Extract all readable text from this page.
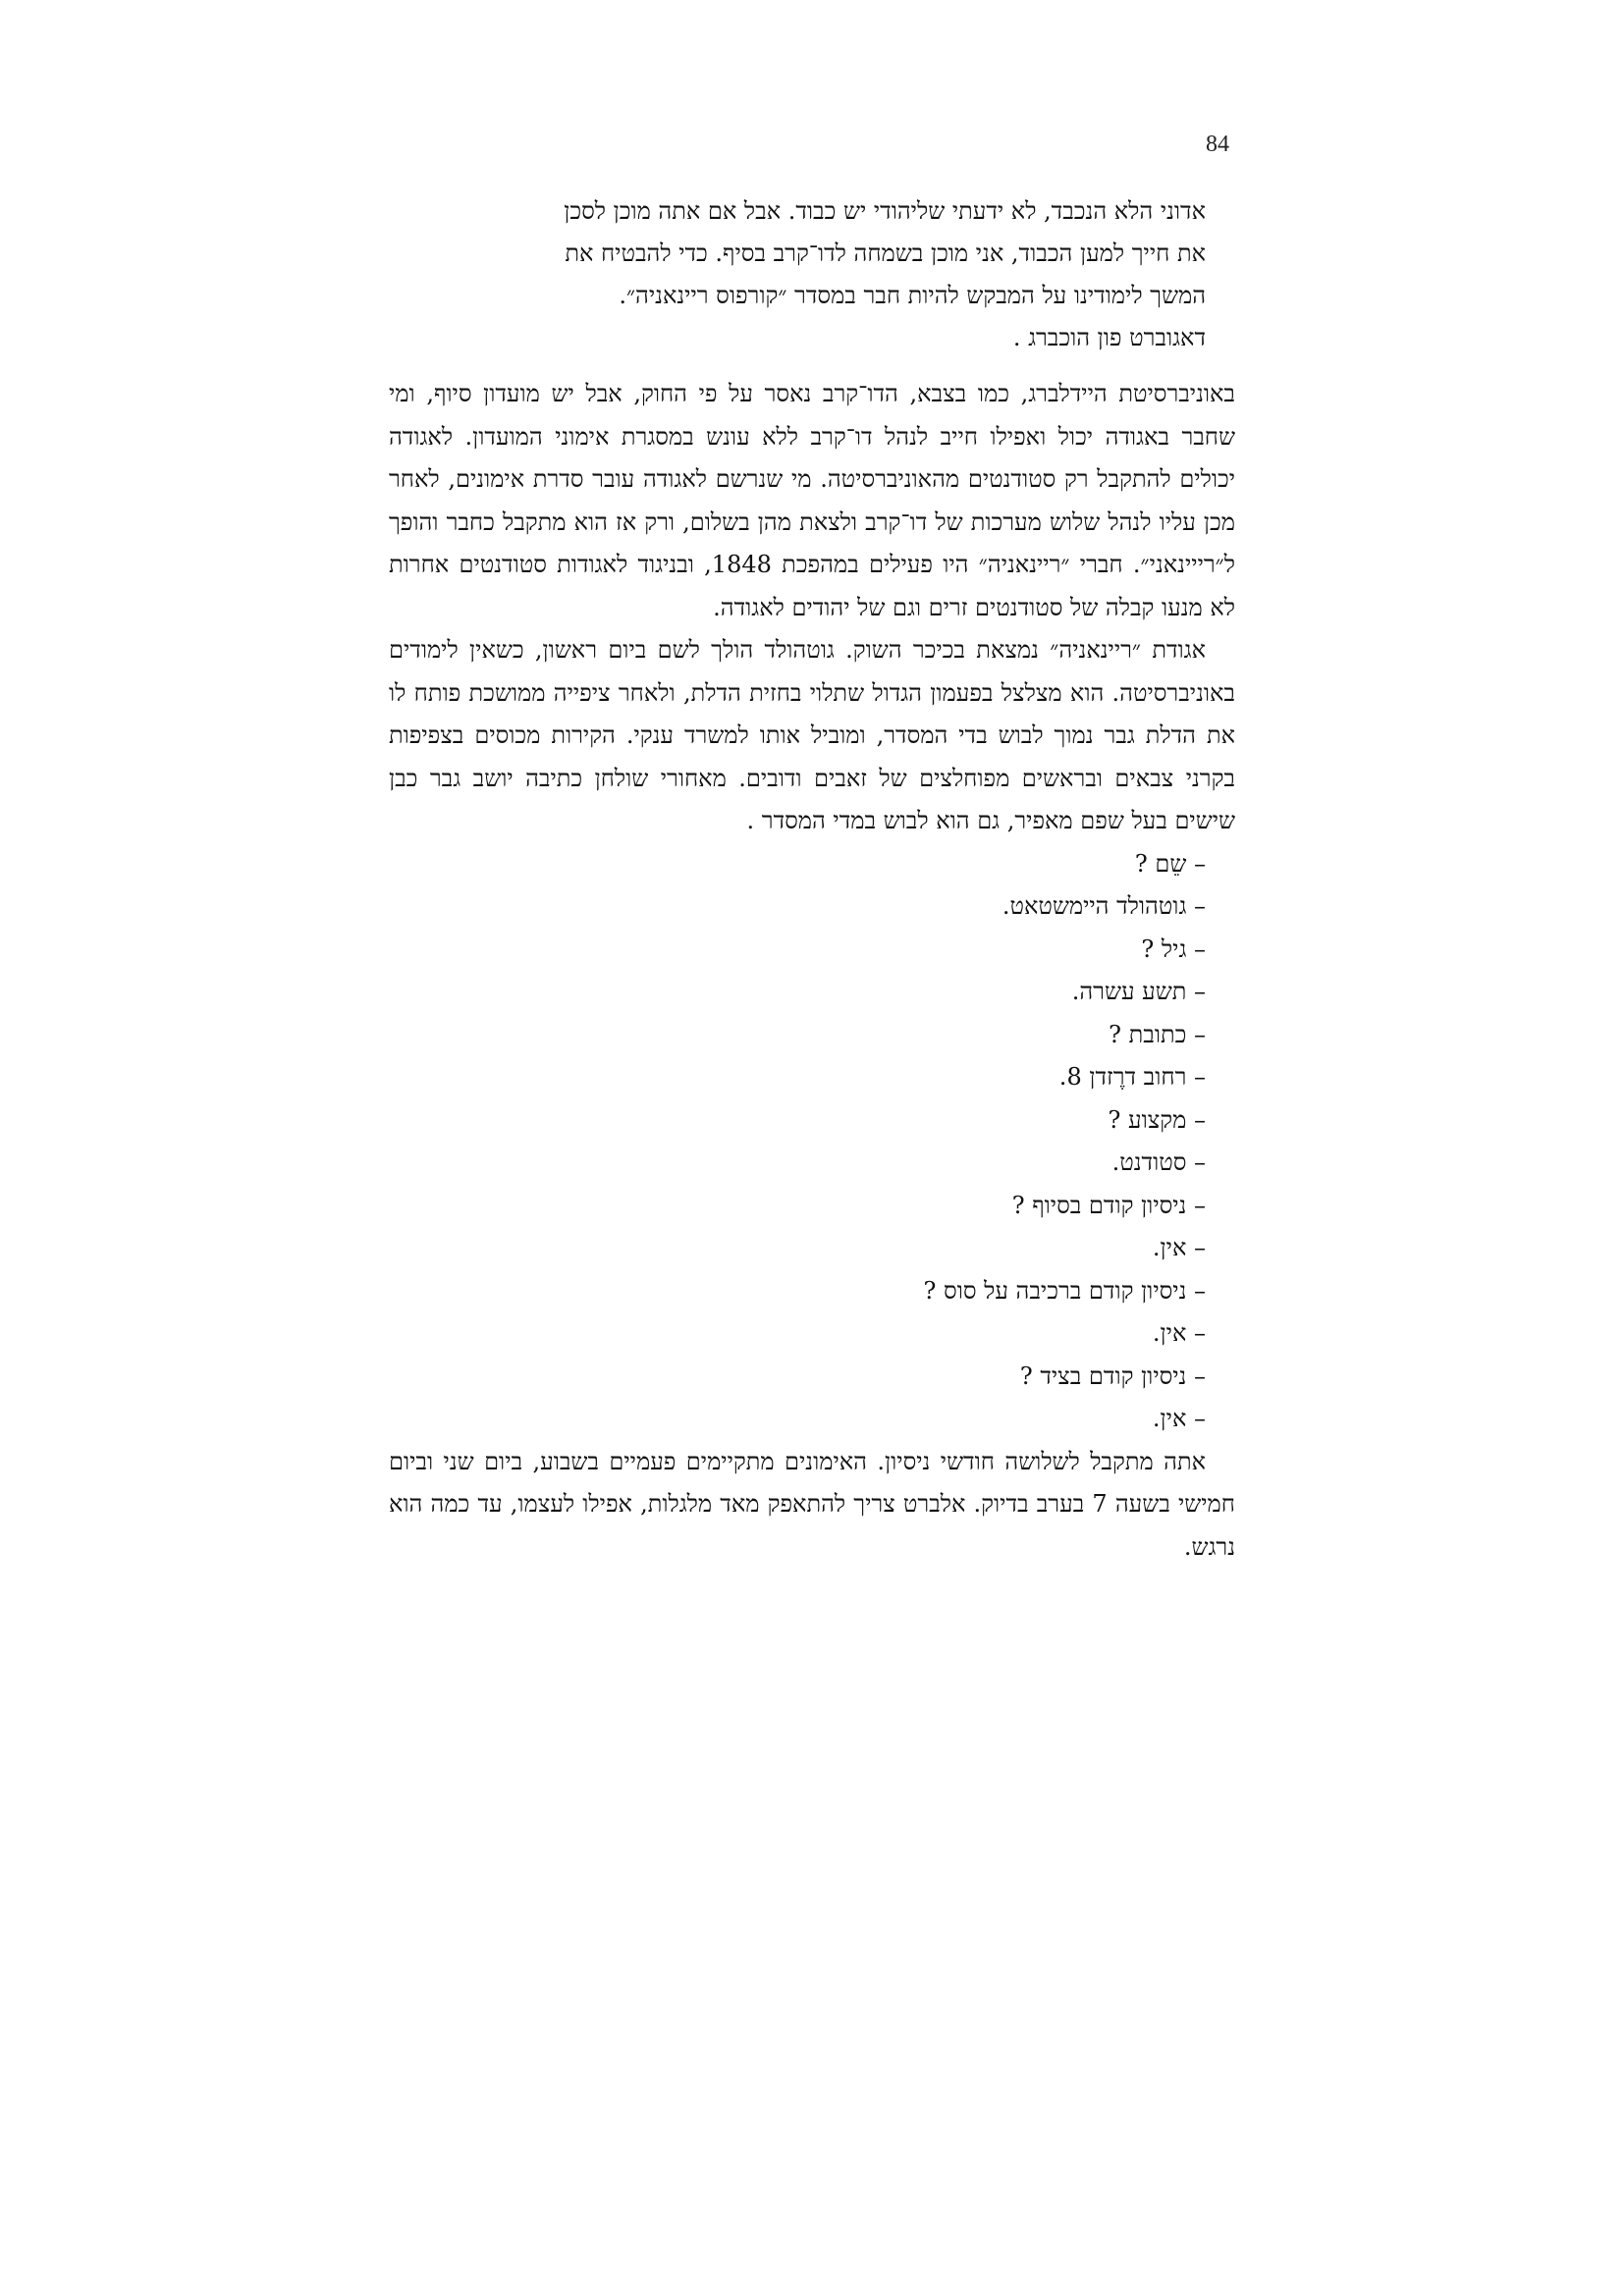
84

אדוני הלא הנכבד, לא ידעתי שליהודי יש כבוד. אבל אם אתה מוכן לסכן

את חייך למען הכבוד, אני מוכן בשמחה לדו־קרב בסיף. כדי להבטיח את

המשך לימודינו על המבקש להיות חבר במסדר ״קורפוס ריינאניה״.

דאגוברט פון הוכברג .

באוניברסיטת היידלברג, כמו בצבא, הדו־קרב נאסר על פי החוק, אבל יש מועדון סיוף, ומי שחבר באגודה יכול ואפילו חייב לנהל דו־קרב ללא עונש במסגרת אימוני המועדון. לאגודה יכולים להתקבל רק סטודנטים מהאוניברסיטה. מי שנרשם לאגודה עובר סדרת אימונים, לאחר מכן עליו לנהל שלוש מערכות של דו־קרב ולצאת מהן בשלום, ורק אז הוא מתקבל כחבר והופך ל״רייינאני״. חברי ״ריינאניה״ היו פעילים במהפכת 1848, ובניגוד לאגודות סטודנטים אחרות לא מנעו קבלה של סטודנטים זרים וגם של יהודים לאגודה.

אגודת ״ריינאניה״ נמצאת בכיכר השוק. גוטהולד הולך לשם ביום ראשון, כשאין לימודים באוניברסיטה. הוא מצלצל בפעמון הגדול שתלוי בחזית הדלת, ולאחר ציפייה ממושכת פותח לו את הדלת גבר נמוך לבוש בדי המסדר, ומוביל אותו למשרד ענקי. הקירות מכוסים בצפיפות בקרני צבאים ובראשים מפוחלצים של זאבים ודובים. מאחורי שולחן כתיבה יושב גבר כבן שישים בעל שפם מאפיר, גם הוא לבוש במדי המסדר .

– שֵם ?
– גוטהולד היימשטאט.
– גיל ?
– תשע עשרה.
– כתובת ?
– רחוב דרֶזדן 8.
– מקצוע ?
– סטודנט.
– ניסיון קודם בסיוף ?
– אין.
– ניסיון קודם ברכיבה על סוס ?
– אין.
– ניסיון קודם בציד ?
– אין.

אתה מתקבל לשלושה חודשי ניסיון. האימונים מתקיימים פעמיים בשבוע, ביום שני וביום חמישי בשעה 7 בערב בדיוק. אלברט צריך להתאפק מאד מלגלות, אפילו לעצמו, עד כמה הוא נרגש.
